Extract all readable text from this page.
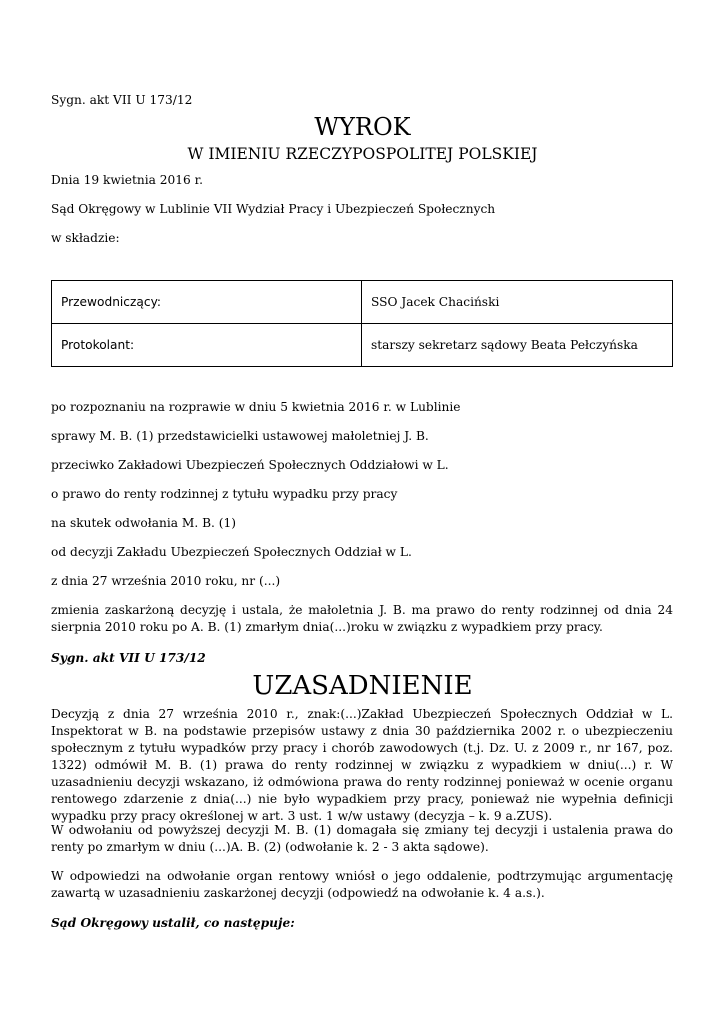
Sygn. akt VII U 173/12

WYROK
W IMIENIU RZECZYPOSPOLITEJ POLSKIEJ

Dnia 19 kwietnia 2016 r.

Sąd Okręgowy w Lublinie VII Wydział Pracy i Ubezpieczeń Społecznych

w składzie:

Przewodniczący:	SSO Jacek Chaciński
Protokolant:	starszy sekretarz sądowy Beata Pełczyńska

po rozpoznaniu na rozprawie w dniu 5 kwietnia 2016 r. w Lublinie

sprawy M. B. (1) przedstawicielki ustawowej małoletniej J. B.

przeciwko Zakładowi Ubezpieczeń Społecznych Oddziałowi w L.

o prawo do renty rodzinnej z tytułu wypadku przy pracy

na skutek odwołania M. B. (1)

od decyzji Zakładu Ubezpieczeń Społecznych Oddział w L.

z dnia 27 września 2010 roku, nr (...)

zmienia zaskarżoną decyzję i ustala, że małoletnia J. B. ma prawo do renty rodzinnej od dnia 24 sierpnia 2010 roku po A. B. (1) zmarłym dnia(...)roku w związku z wypadkiem przy pracy.

Sygn. akt VII U 173/12

UZASADNIENIE

Decyzją z dnia 27 września 2010 r., znak:(...)Zakład Ubezpieczeń Społecznych Oddział w L. Inspektorat w B. na podstawie przepisów ustawy z dnia 30 października 2002 r. o ubezpieczeniu społecznym z tytułu wypadków przy pracy i chorób zawodowych (t.j. Dz. U. z 2009 r., nr 167, poz. 1322) odmówił M. B. (1) prawa do renty rodzinnej w związku z wypadkiem w dniu(...) r. W uzasadnieniu decyzji wskazano, iż odmówiona prawa do renty rodzinnej ponieważ w ocenie organu rentowego zdarzenie z dnia(...) nie było wypadkiem przy pracy, ponieważ nie wypełnia definicji wypadku przy pracy określonej w art. 3 ust. 1 w/w ustawy (decyzja – k. 9 a.ZUS).

W odwołaniu od powyższej decyzji M. B. (1) domagała się zmiany tej decyzji i ustalenia prawa do renty po zmarłym w dniu (...)A. B. (2) (odwołanie k. 2 - 3 akta sądowe).

W odpowiedzi na odwołanie organ rentowy wniósł o jego oddalenie, podtrzymując argumentację zawartą w uzasadnieniu zaskarżonej decyzji (odpowiedź na odwołanie k. 4 a.s.).

Sąd Okręgowy ustalił, co następuje:
